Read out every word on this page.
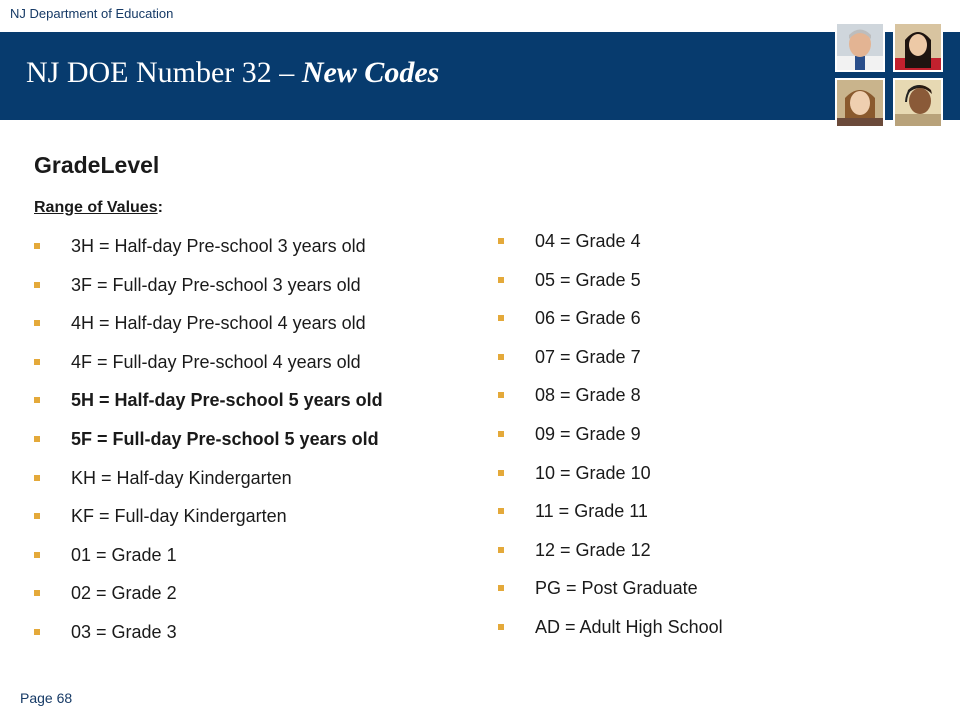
NJ Department of Education
NJ DOE Number 32 – New Codes
GradeLevel
Range of Values:
3H = Half-day Pre-school 3 years old
3F = Full-day Pre-school 3 years old
4H = Half-day Pre-school 4 years old
4F = Full-day Pre-school 4 years old
5H = Half-day Pre-school 5 years old
5F = Full-day Pre-school 5 years old
KH = Half-day Kindergarten
KF = Full-day Kindergarten
01 = Grade 1
02 = Grade 2
03 = Grade 3
04 = Grade 4
05 = Grade 5
06 = Grade 6
07 = Grade 7
08 = Grade 8
09 = Grade 9
10 = Grade 10
11 = Grade 11
12 = Grade 12
PG = Post Graduate
AD = Adult High School
Page 68
